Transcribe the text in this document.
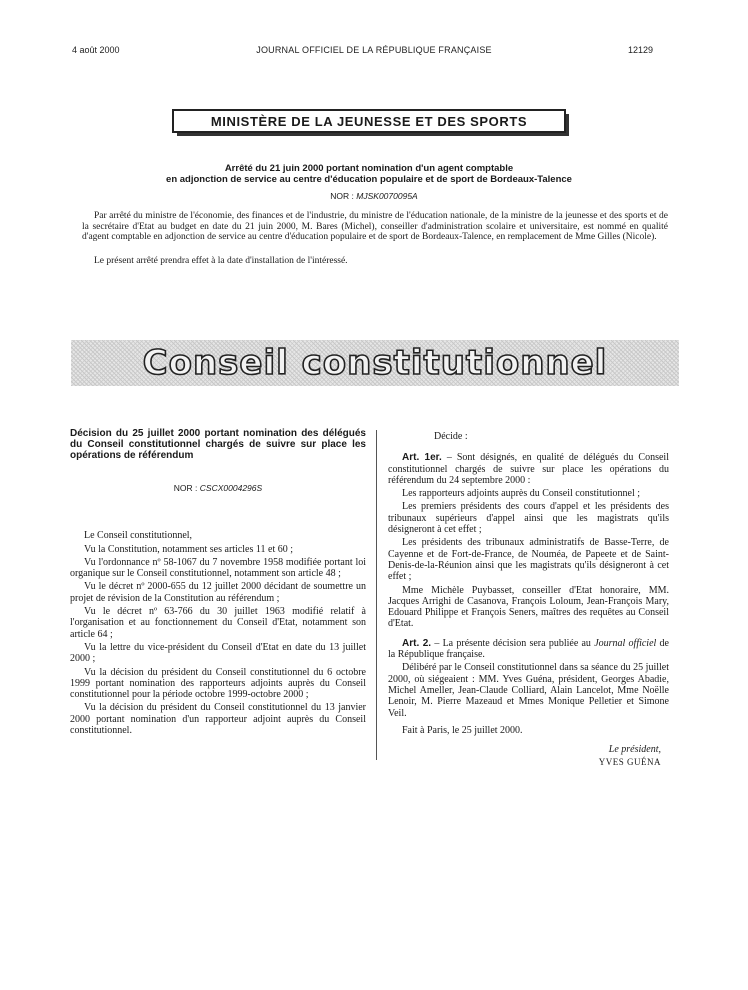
4 août 2000	JOURNAL OFFICIEL DE LA RÉPUBLIQUE FRANÇAISE	12129
MINISTÈRE DE LA JEUNESSE ET DES SPORTS
Arrêté du 21 juin 2000 portant nomination d'un agent comptable
en adjonction de service au centre d'éducation populaire et de sport de Bordeaux-Talence
NOR : MJSK0070095A

Par arrêté du ministre de l'économie, des finances et de l'industrie, du ministre de l'éducation nationale, de la ministre de la jeunesse et des sports et de la secrétaire d'Etat au budget en date du 21 juin 2000, M. Bares (Michel), conseiller d'administration scolaire et universitaire, est nommé en qualité d'agent comptable en adjonction de service au centre d'éducation populaire et de sport de Bordeaux-Talence, en remplacement de Mme Gilles (Nicole).

Le présent arrêté prendra effet à la date d'installation de l'intéressé.

Conseil constitutionnel
Décision du 25 juillet 2000 portant nomination des délégués du Conseil constitutionnel chargés de suivre sur place les opérations de référendum
NOR : CSCX0004296S

Le Conseil constitutionnel,

Vu la Constitution, notamment ses articles 11 et 60 ;

Vu l'ordonnance nº 58-1067 du 7 novembre 1958 modifiée portant loi organique sur le Conseil constitutionnel, notamment son article 48 ;

Vu le décret nº 2000-655 du 12 juillet 2000 décidant de soumettre un projet de révision de la Constitution au référendum ;

Vu le décret nº 63-766 du 30 juillet 1963 modifié relatif à l'organisation et au fonctionnement du Conseil d'Etat, notamment son article 64 ;

Vu la lettre du vice-président du Conseil d'Etat en date du 13 juillet 2000 ;

Vu la décision du président du Conseil constitutionnel du 6 octobre 1999 portant nomination des rapporteurs adjoints auprès du Conseil constitutionnel pour la période octobre 1999-octobre 2000 ;

Vu la décision du président du Conseil constitutionnel du 13 janvier 2000 portant nomination d'un rapporteur adjoint auprès du Conseil constitutionnel.

Décide :

Art. 1er. – Sont désignés, en qualité de délégués du Conseil constitutionnel chargés de suivre sur place les opérations du référendum du 24 septembre 2000 :

Les rapporteurs adjoints auprès du Conseil constitutionnel ;

Les premiers présidents des cours d'appel et les présidents des tribunaux supérieurs d'appel ainsi que les magistrats qu'ils désigneront à cet effet ;

Les présidents des tribunaux administratifs de Basse-Terre, de Cayenne et de Fort-de-France, de Nouméa, de Papeete et de Saint-Denis-de-la-Réunion ainsi que les magistrats qu'ils désigneront à cet effet ;

Mme Michèle Puybasset, conseiller d'Etat honoraire, MM. Jacques Arrighi de Casanova, François Loloum, Jean-François Mary, Edouard Philippe et François Seners, maîtres des requêtes au Conseil d'Etat.

Art. 2. – La présente décision sera publiée au Journal officiel de la République française.

Délibéré par le Conseil constitutionnel dans sa séance du 25 juillet 2000, où siégeaient : MM. Yves Guéna, président, Georges Abadie, Michel Ameller, Jean-Claude Colliard, Alain Lancelot, Mme Noëlle Lenoir, M. Pierre Mazeaud et Mmes Monique Pelletier et Simone Veil.

Fait à Paris, le 25 juillet 2000.

Le président,
YVES GUÉNA
